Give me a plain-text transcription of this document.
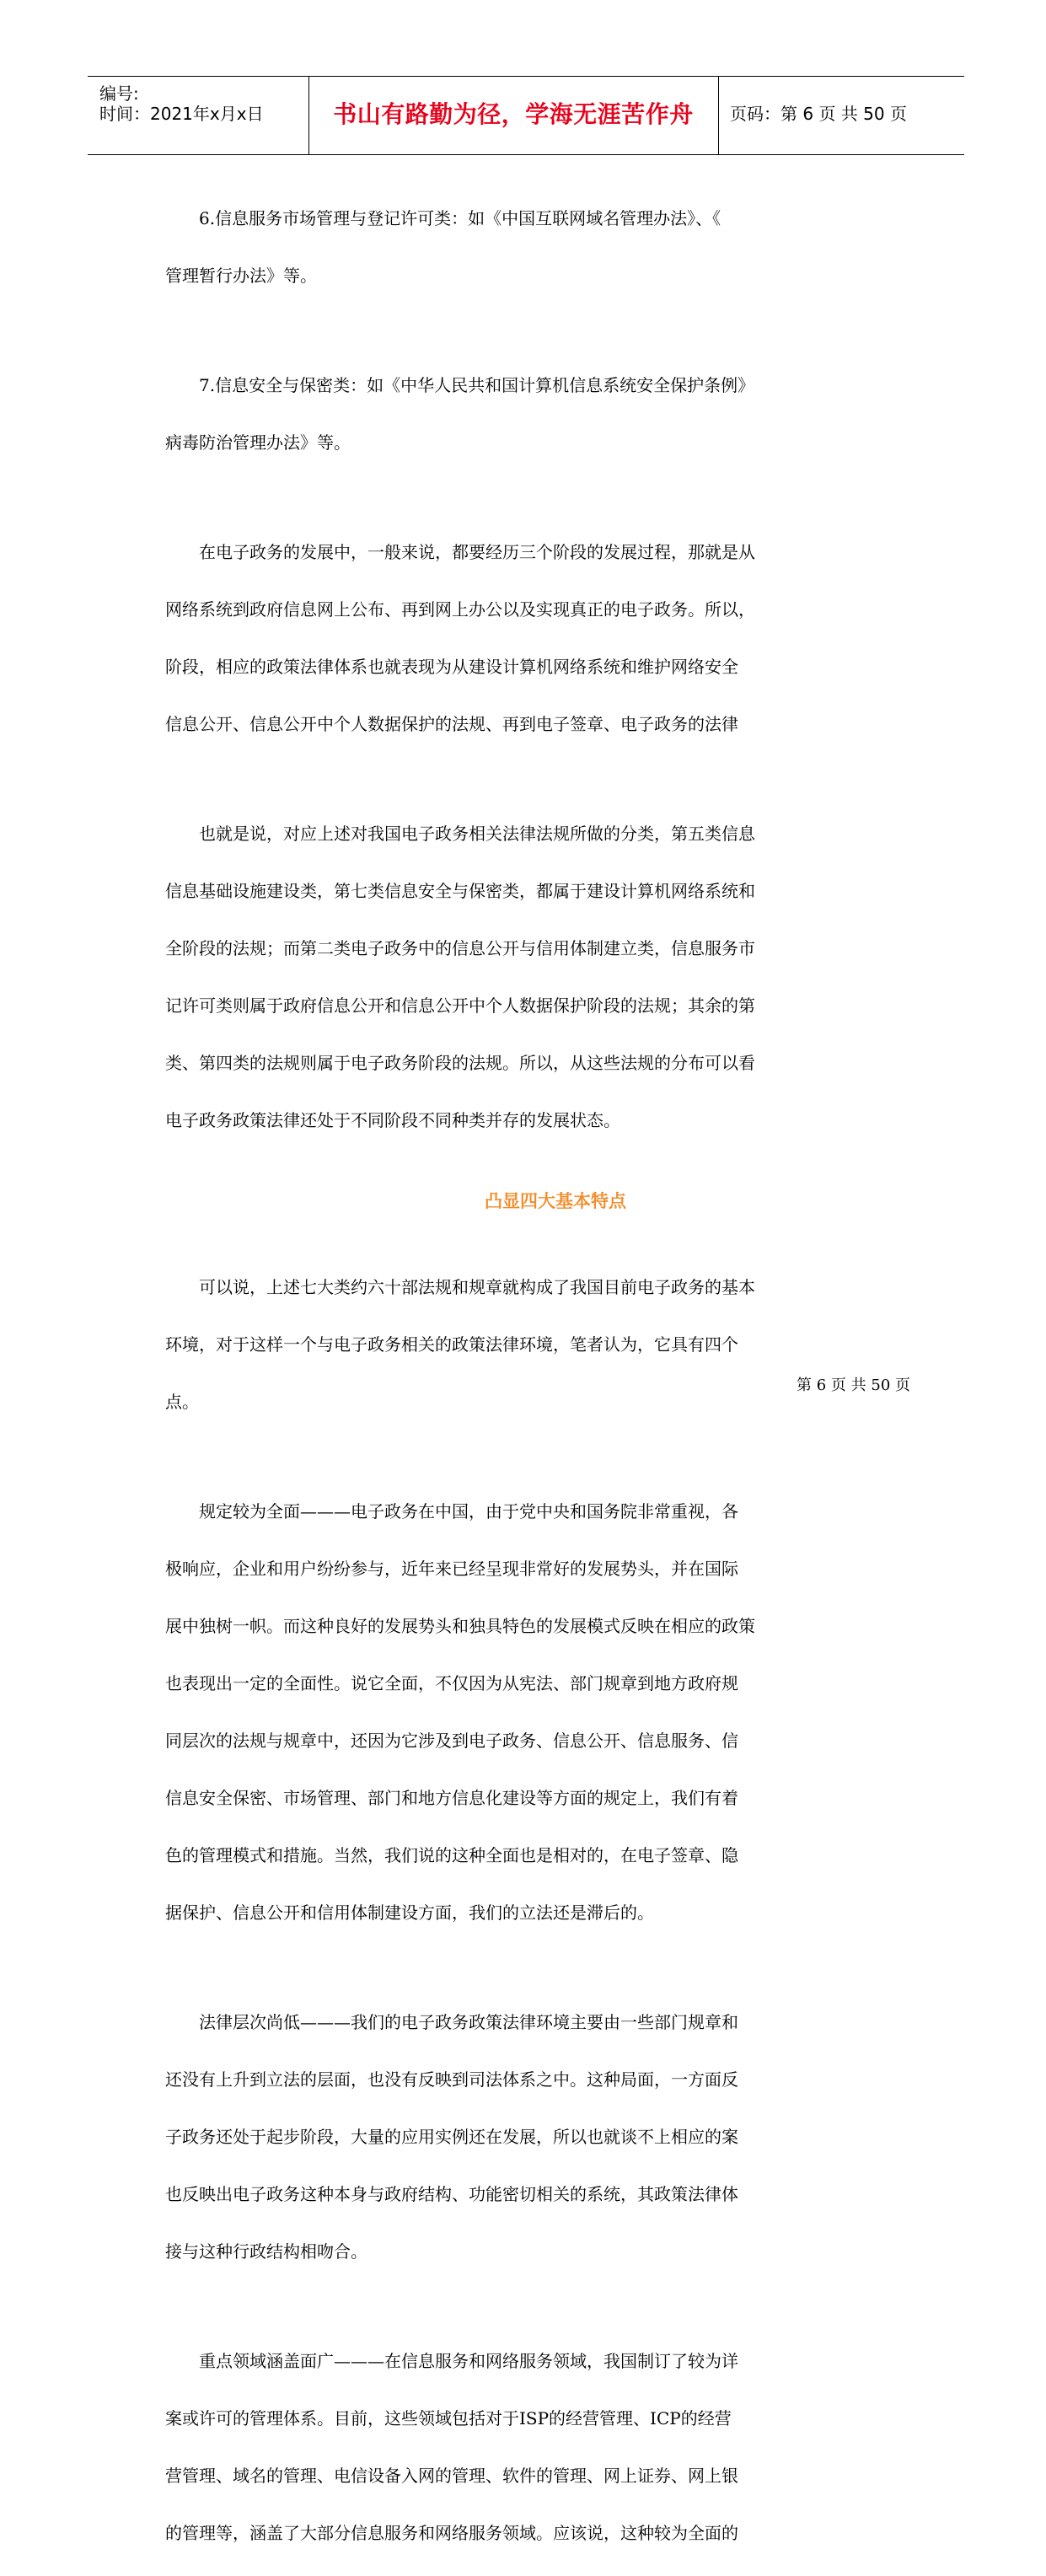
编号:
时间：2021年x月x日	书山有路勤为径，学海无涯苦作舟	页码：第 6 页 共 50 页

6.信息服务市场管理与登记许可类：如《中国互联网域名管理办法》、《

管理暂行办法》等。

7.信息安全与保密类：如《中华人民共和国计算机信息系统安全保护条例》

病毒防治管理办法》等。

在电子政务的发展中，一般来说，都要经历三个阶段的发展过程，那就是从

网络系统到政府信息网上公布、再到网上办公以及实现真正的电子政务。所以，

阶段，相应的政策法律体系也就表现为从建设计算机网络系统和维护网络安全

信息公开、信息公开中个人数据保护的法规、再到电子签章、电子政务的法律

也就是说，对应上述对我国电子政务相关法律法规所做的分类，第五类信息

信息基础设施建设类，第七类信息安全与保密类，都属于建设计算机网络系统和

全阶段的法规；而第二类电子政务中的信息公开与信用体制建立类，信息服务市

记许可类则属于政府信息公开和信息公开中个人数据保护阶段的法规；其余的第

类、第四类的法规则属于电子政务阶段的法规。所以，从这些法规的分布可以看

电子政务政策法律还处于不同阶段不同种类并存的发展状态。

凸显四大基本特点

可以说，上述七大类约六十部法规和规章就构成了我国目前电子政务的基本

环境，对于这样一个与电子政务相关的政策法律环境，笔者认为，它具有四个

点。

规定较为全面———电子政务在中国，由于党中央和国务院非常重视，各

极响应，企业和用户纷纷参与，近年来已经呈现非常好的发展势头，并在国际

展中独树一帜。而这种良好的发展势头和独具特色的发展模式反映在相应的政策

也表现出一定的全面性。说它全面，不仅因为从宪法、部门规章到地方政府规

同层次的法规与规章中，还因为它涉及到电子政务、信息公开、信息服务、信

信息安全保密、市场管理、部门和地方信息化建设等方面的规定上，我们有着

色的管理模式和措施。当然，我们说的这种全面也是相对的，在电子签章、隐

据保护、信息公开和信用体制建设方面，我们的立法还是滞后的。

法律层次尚低———我们的电子政务政策法律环境主要由一些部门规章和

还没有上升到立法的层面，也没有反映到司法体系之中。这种局面，一方面反

子政务还处于起步阶段，大量的应用实例还在发展，所以也就谈不上相应的案

也反映出电子政务这种本身与政府结构、功能密切相关的系统，其政策法律体

接与这种行政结构相吻合。

重点领域涵盖面广———在信息服务和网络服务领域，我国制订了较为详

案或许可的管理体系。目前，这些领域包括对于ISP的经营管理、ICP的经营

营管理、域名的管理、电信设备入网的管理、软件的管理、网上证券、网上银

的管理等，涵盖了大部分信息服务和网络服务领域。应该说，这种较为全面的

第 6 页 共 50 页
